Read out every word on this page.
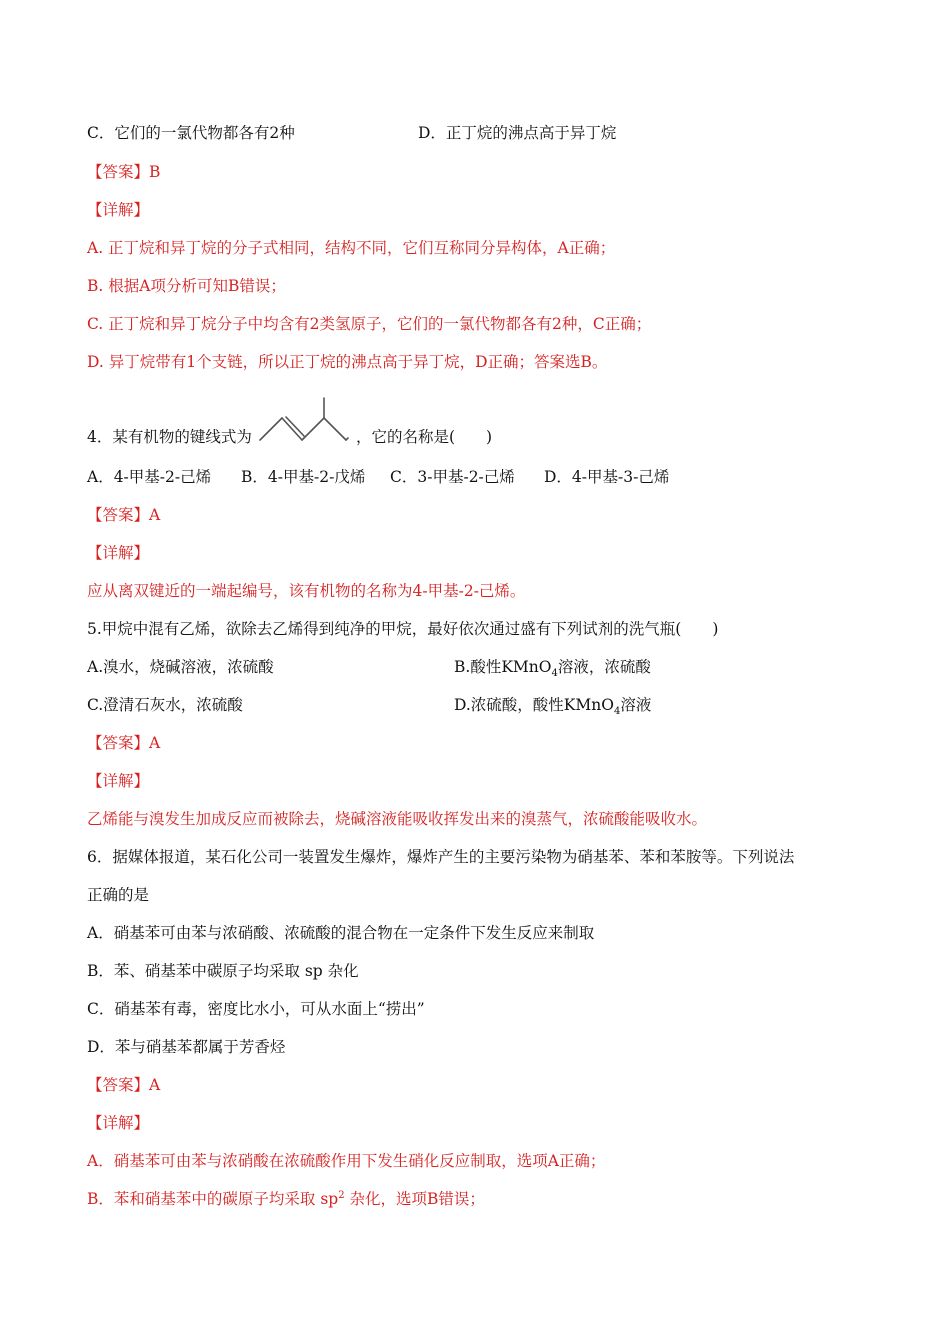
C．它们的一氯代物都各有2种	D．正丁烷的沸点高于异丁烷
【答案】B
【详解】
A. 正丁烷和异丁烷的分子式相同，结构不同，它们互称同分异构体，A正确；
B. 根据A项分析可知B错误；
C. 正丁烷和异丁烷分子中均含有2类氢原子，它们的一氯代物都各有2种，C正确；
D. 异丁烷带有1个支链，所以正丁烷的沸点高于异丁烷，D正确；答案选B。
4．某有机物的键线式为	，它的名称是(　　)
A．4-甲基-2-己烯 B．4-甲基-2-戊烯 C．3-甲基-2-己烯 D．4-甲基-3-己烯
【答案】A
【详解】
应从离双键近的一端起编号，该有机物的名称为4-甲基-2-己烯。
5.甲烷中混有乙烯，欲除去乙烯得到纯净的甲烷，最好依次通过盛有下列试剂的洗气瓶(　　)
A.溴水，烧碱溶液，浓硫酸	B.酸性KMnO$_4$溶液，浓硫酸
C.澄清石灰水，浓硫酸	D.浓硫酸，酸性KMnO$_4$溶液
【答案】A
【详解】
乙烯能与溴发生加成反应而被除去，烧碱溶液能吸收挥发出来的溴蒸气，浓硫酸能吸收水。
6．据媒体报道，某石化公司一装置发生爆炸，爆炸产生的主要污染物为硝基苯、苯和苯胺等。下列说法
正确的是
A．硝基苯可由苯与浓硝酸、浓硫酸的混合物在一定条件下发生反应来制取
B．苯、硝基苯中碳原子均采取 sp 杂化
C．硝基苯有毒，密度比水小，可从水面上“捞出”
D．苯与硝基苯都属于芳香烃
【答案】A
【详解】
A．硝基苯可由苯与浓硝酸在浓硫酸作用下发生硝化反应制取，选项A正确；
B．苯和硝基苯中的碳原子均采取 $sp^2$ 杂化，选项B错误；
